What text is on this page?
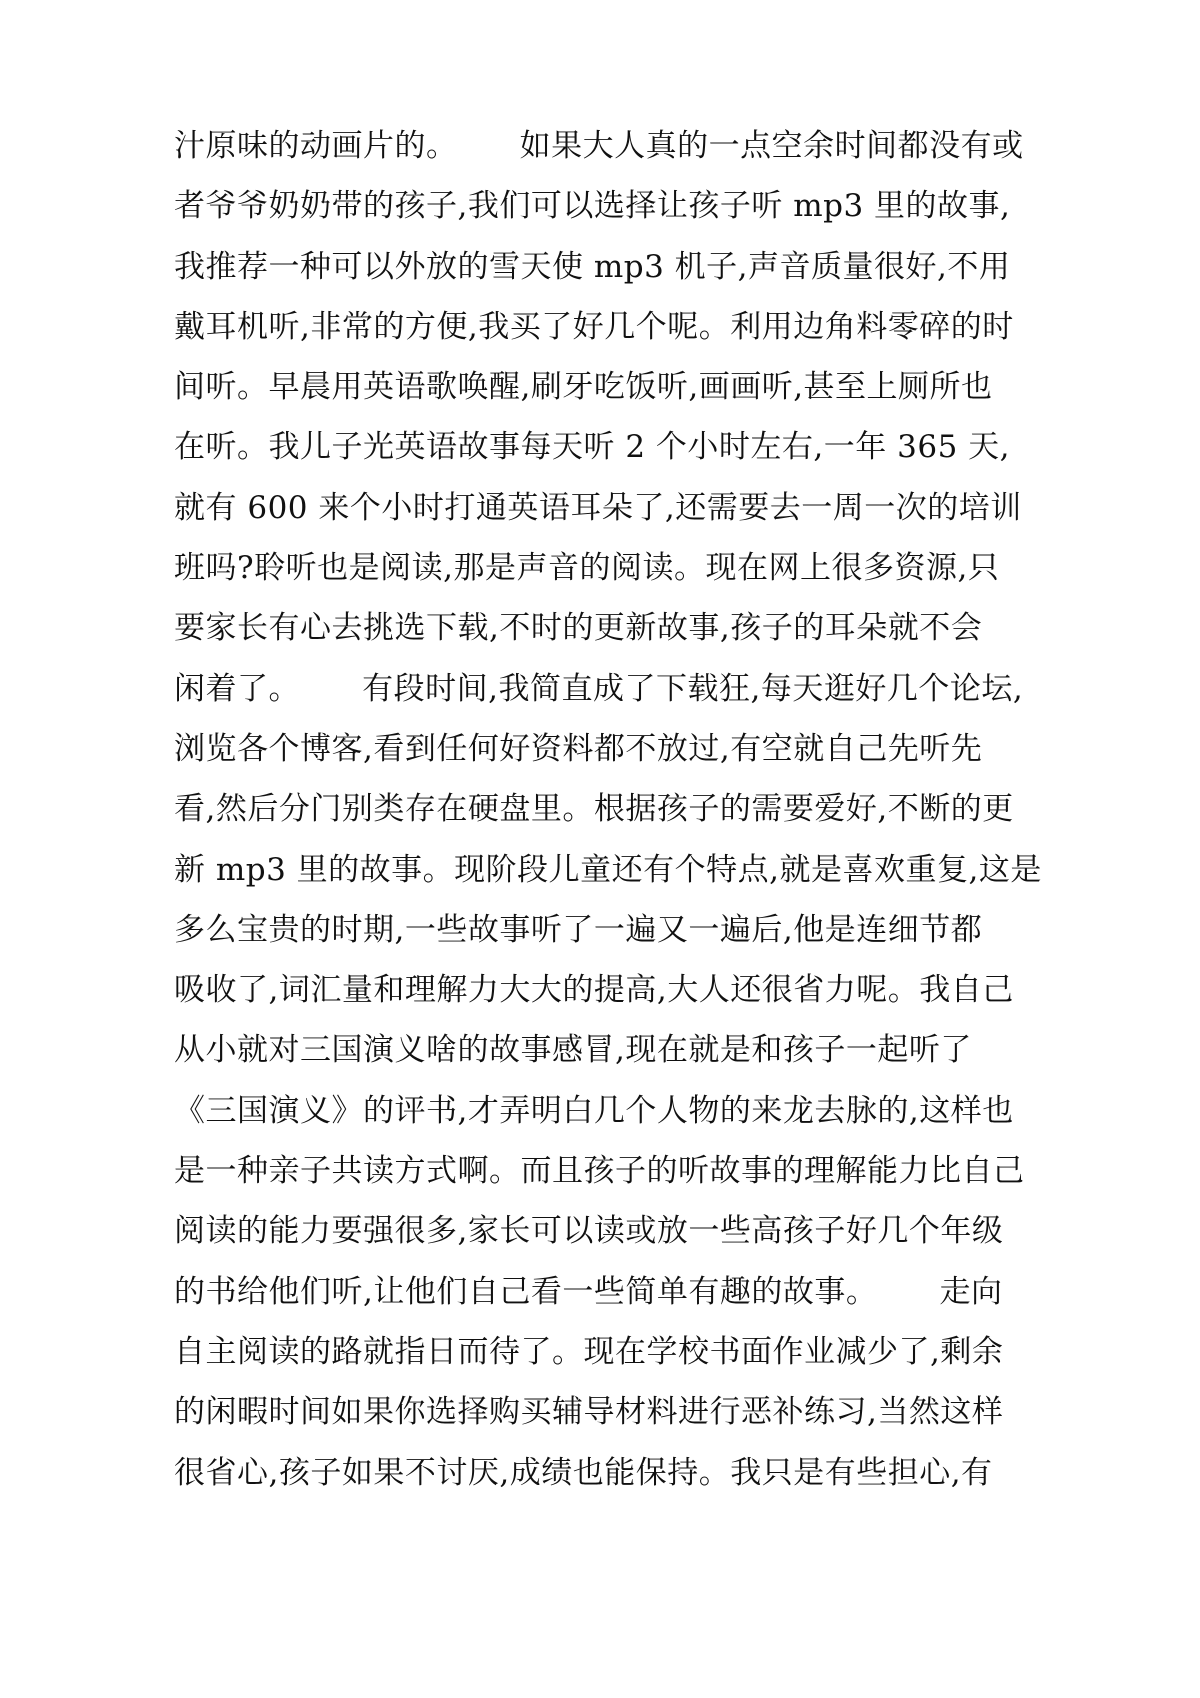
汁原味的动画片的。      如果大人真的一点空余时间都没有或
者爷爷奶奶带的孩子,我们可以选择让孩子听 mp3 里的故事,
我推荐一种可以外放的雪天使 mp3 机子,声音质量很好,不用
戴耳机听,非常的方便,我买了好几个呢。利用边角料零碎的时
间听。早晨用英语歌唤醒,刷牙吃饭听,画画听,甚至上厕所也
在听。我儿子光英语故事每天听 2 个小时左右,一年 365 天,
就有 600 来个小时打通英语耳朵了,还需要去一周一次的培训
班吗?聆听也是阅读,那是声音的阅读。现在网上很多资源,只
要家长有心去挑选下载,不时的更新故事,孩子的耳朵就不会
闲着了。      有段时间,我简直成了下载狂,每天逛好几个论坛,
浏览各个博客,看到任何好资料都不放过,有空就自己先听先
看,然后分门别类存在硬盘里。根据孩子的需要爱好,不断的更
新 mp3 里的故事。现阶段儿童还有个特点,就是喜欢重复,这是
多么宝贵的时期,一些故事听了一遍又一遍后,他是连细节都
吸收了,词汇量和理解力大大的提高,大人还很省力呢。我自己
从小就对三国演义啥的故事感冒,现在就是和孩子一起听了
《三国演义》的评书,才弄明白几个人物的来龙去脉的,这样也
是一种亲子共读方式啊。而且孩子的听故事的理解能力比自己
阅读的能力要强很多,家长可以读或放一些高孩子好几个年级
的书给他们听,让他们自己看一些简单有趣的故事。      走向
自主阅读的路就指日而待了。现在学校书面作业减少了,剩余
的闲暇时间如果你选择购买辅导材料进行恶补练习,当然这样
很省心,孩子如果不讨厌,成绩也能保持。我只是有些担心,有
